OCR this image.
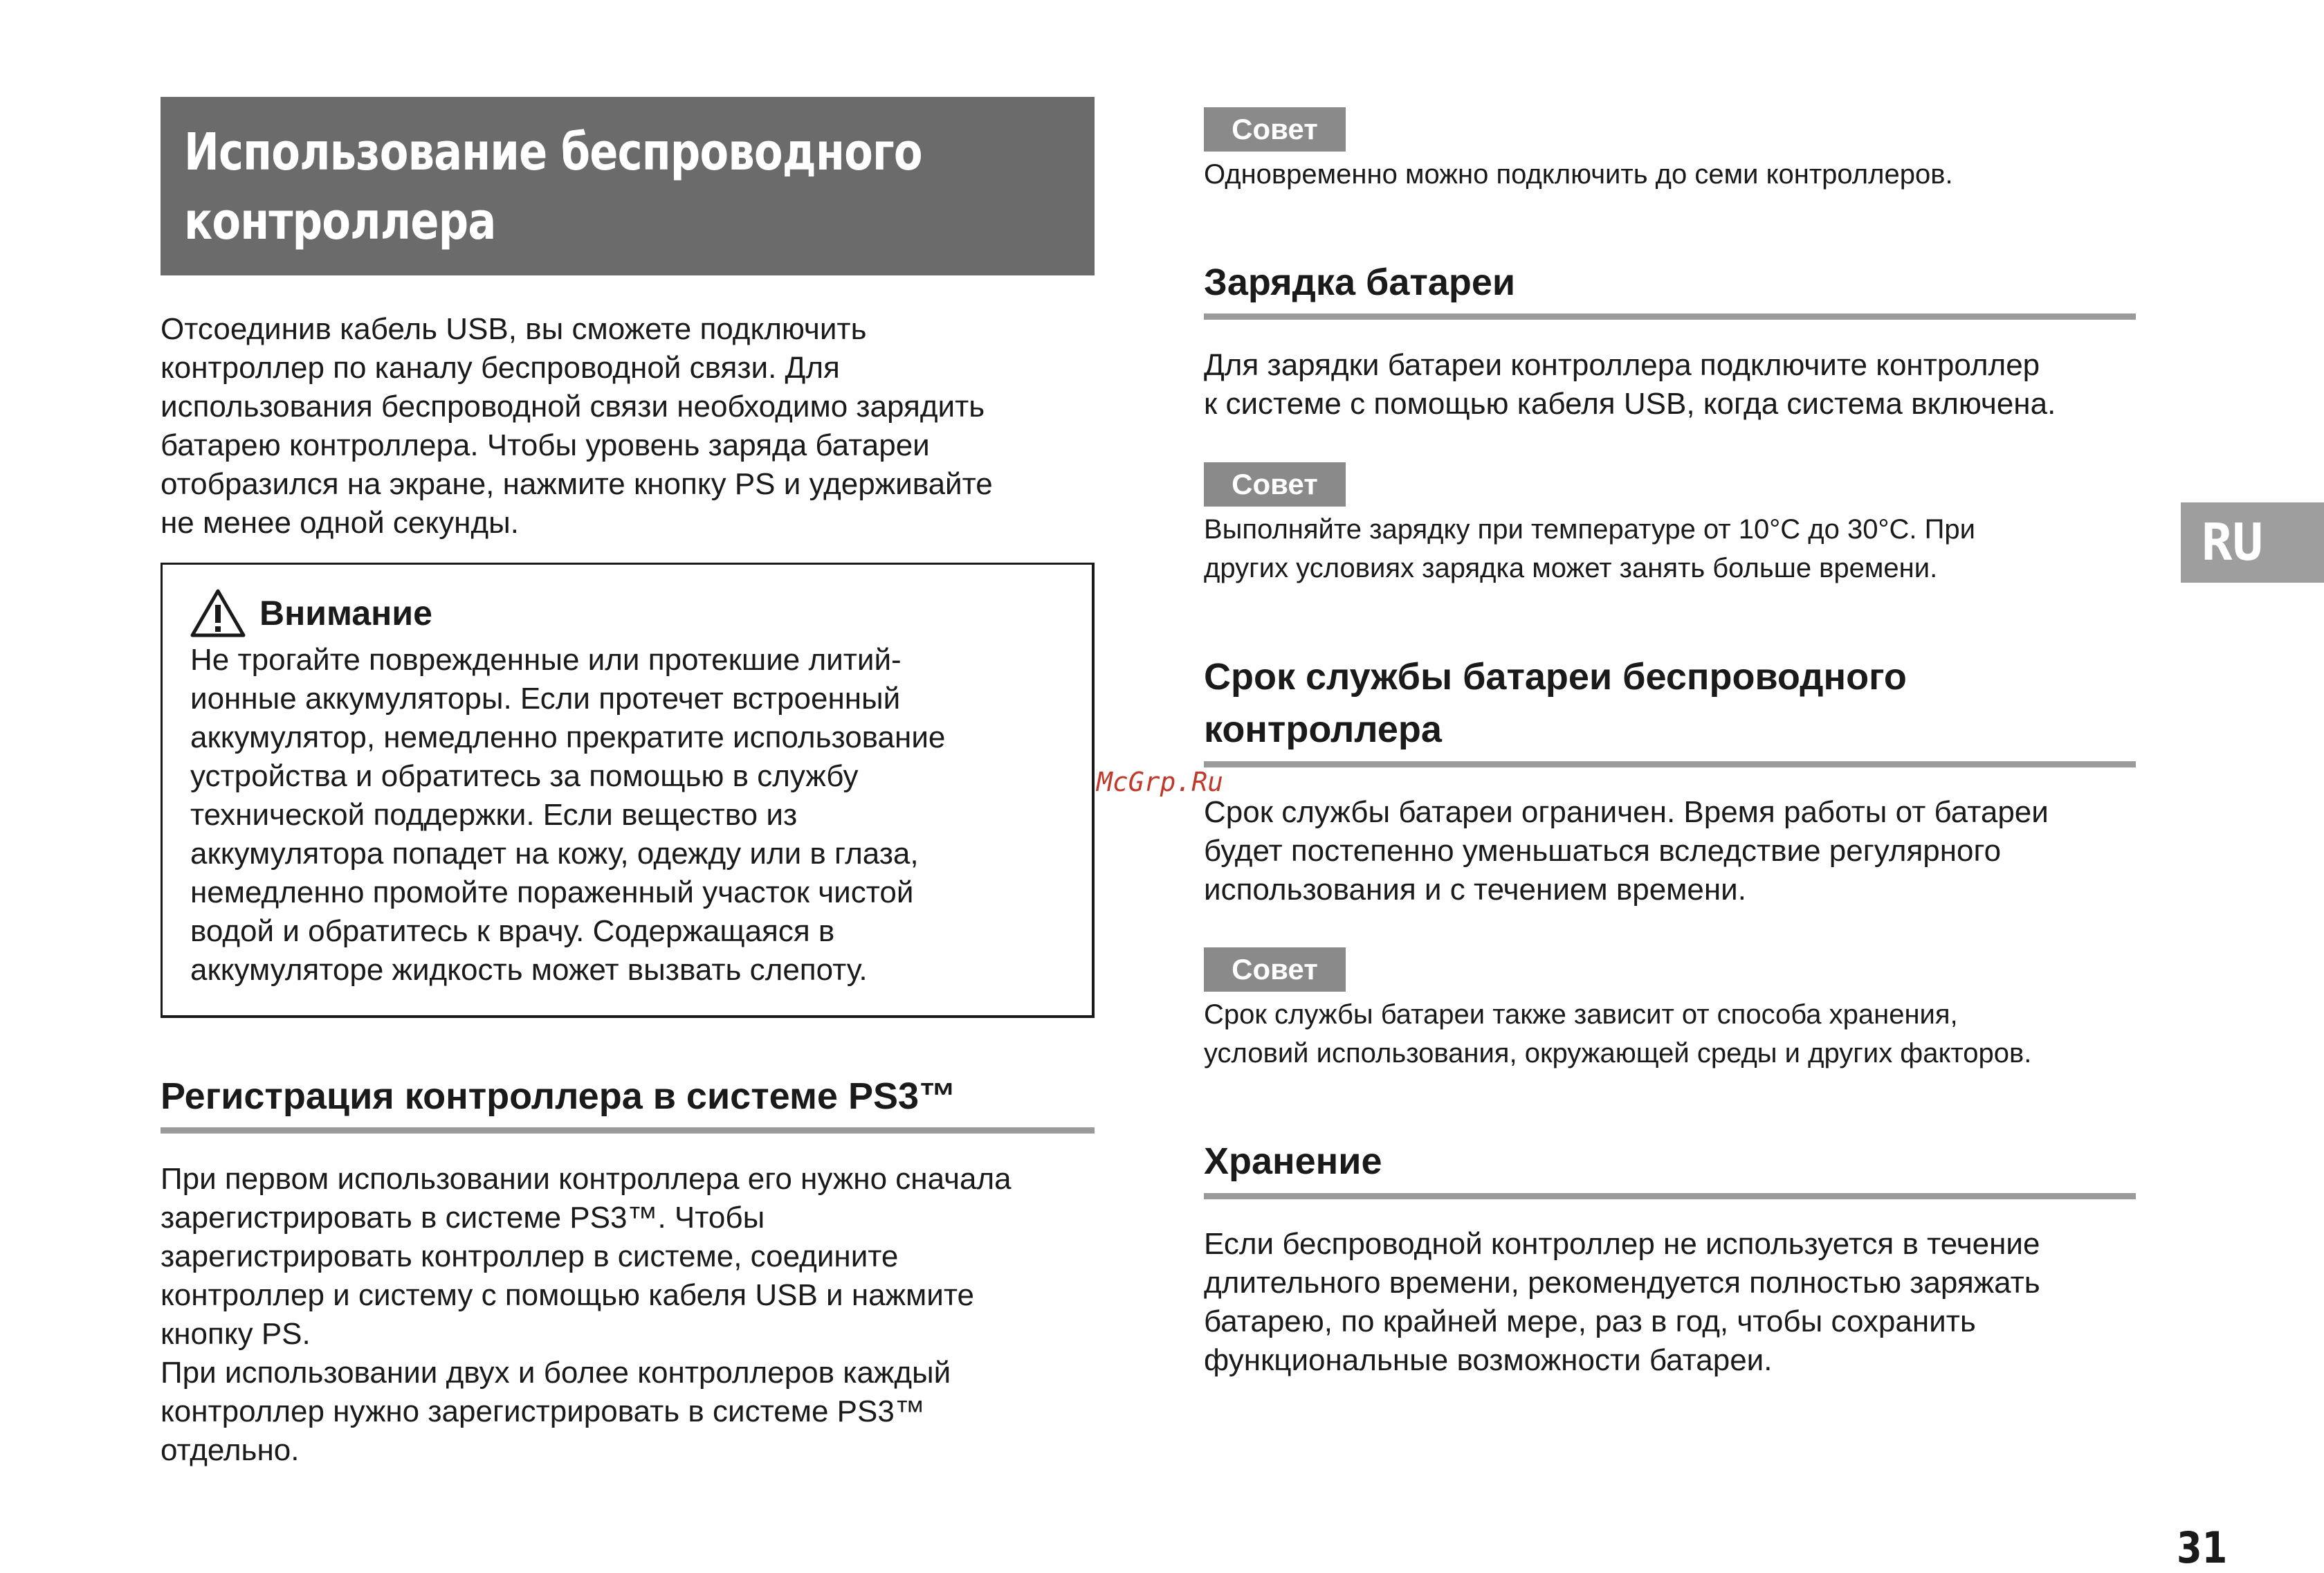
Использование беспроводного
контроллера
Отсоединив кабель USB, вы сможете подключить
контроллер по каналу беспроводной связи. Для
использования беспроводной связи необходимо зарядить
батарею контроллера. Чтобы уровень заряда батареи
отобразился на экране, нажмите кнопку PS и удерживайте
не менее одной секунды.
Внимание
Не трогайте поврежденные или протекшие литий-
ионные аккумуляторы. Если протечет встроенный
аккумулятор, немедленно прекратите использование
устройства и обратитесь за помощью в службу
технической поддержки. Если вещество из
аккумулятора попадет на кожу, одежду или в глаза,
немедленно промойте пораженный участок чистой
водой и обратитесь к врачу. Содержащаяся в
аккумуляторе жидкость может вызвать слепоту.
Регистрация контроллера в системе PS3™
При первом использовании контроллера его нужно сначала
зарегистрировать в системе PS3™. Чтобы
зарегистрировать контроллер в системе, соедините
контроллер и систему с помощью кабеля USB и нажмите
кнопку PS.
При использовании двух и более контроллеров каждый
контроллер нужно зарегистрировать в системе PS3™
отдельно.
Совет
Одновременно можно подключить до семи контроллеров.
Зарядка батареи
Для зарядки батареи контроллера подключите контроллер
к системе с помощью кабеля USB, когда система включена.
Совет
Выполняйте зарядку при температуре от 10°C до 30°C. При
других условиях зарядка может занять больше времени.
Срок службы батареи беспроводного
контроллера
Срок службы батареи ограничен. Время работы от батареи
будет постепенно уменьшаться вследствие регулярного
использования и с течением времени.
Совет
Срок службы батареи также зависит от способа хранения,
условий использования, окружающей среды и других факторов.
Хранение
Если беспроводной контроллер не используется в течение
длительного времени, рекомендуется полностью заряжать
батарею, по крайней мере, раз в год, чтобы сохранить
функциональные возможности батареи.
RU
McGrp.Ru
31
